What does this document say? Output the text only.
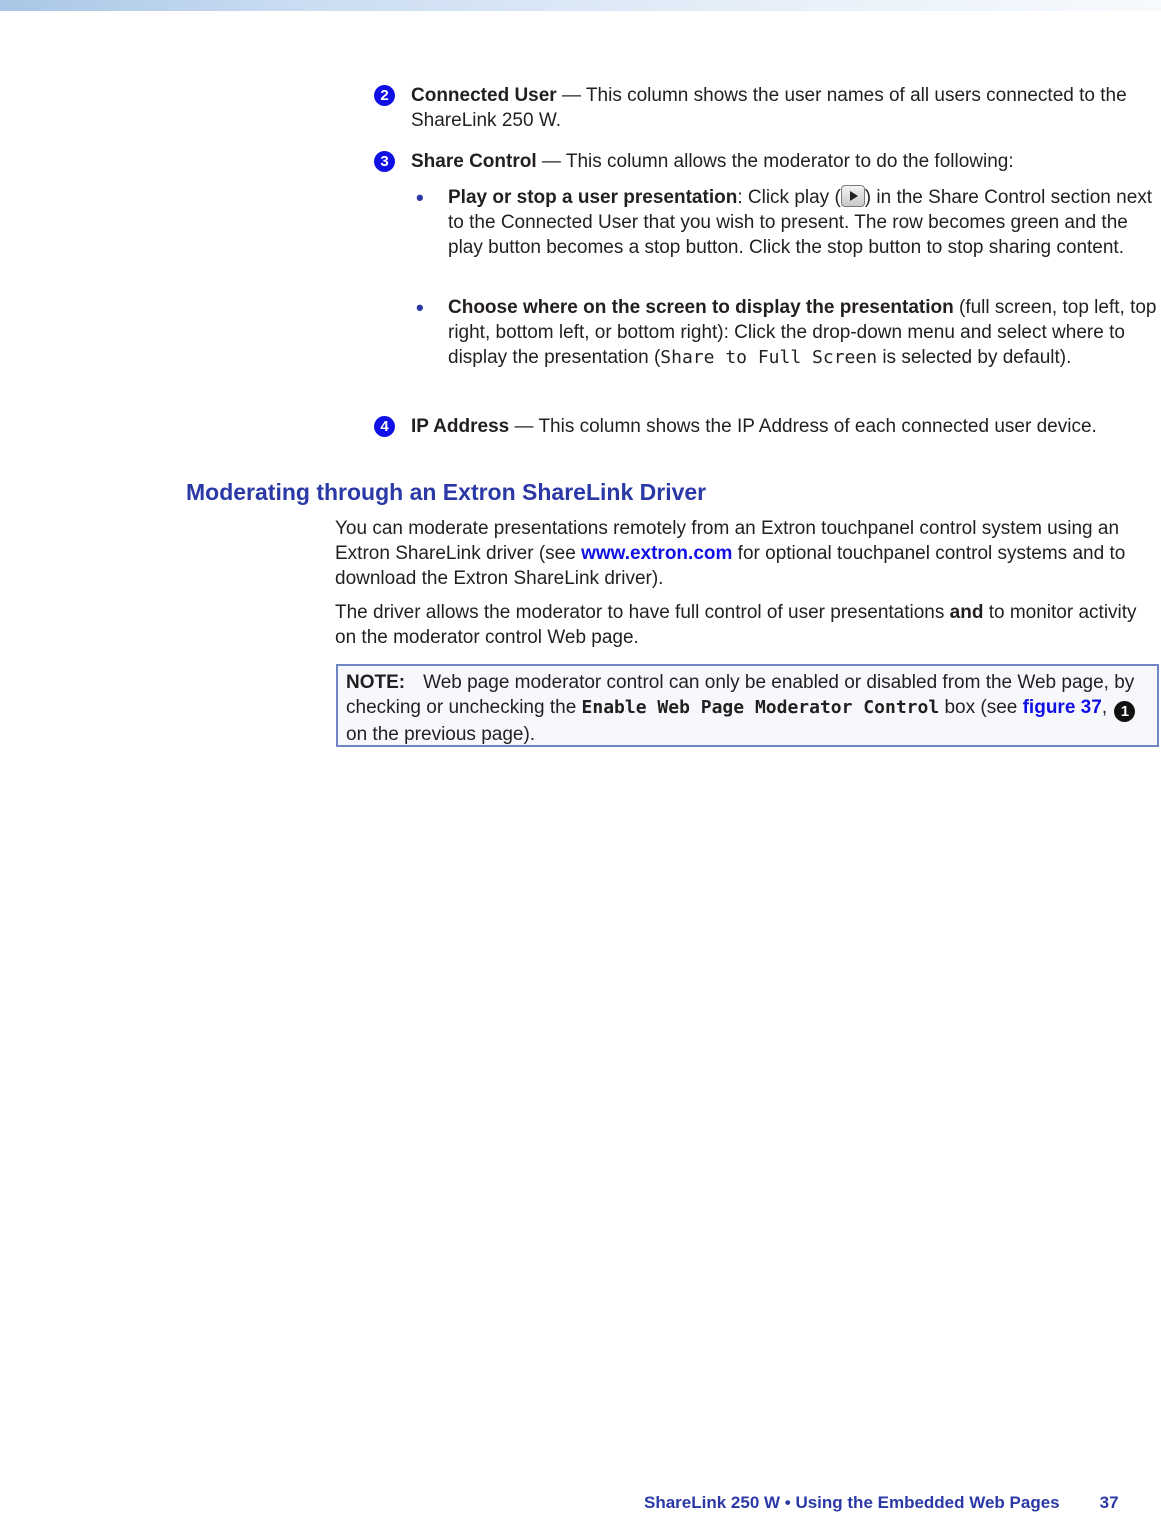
2	Connected User — This column shows the user names of all users connected to the ShareLink 250 W.

3	Share Control — This column allows the moderator to do the following:

• Play or stop a user presentation: Click play ( ) in the Share Control section next to the Connected User that you wish to present. The row becomes green and the play button becomes a stop button. Click the stop button to stop sharing content.

• Choose where on the screen to display the presentation (full screen, top left, top right, bottom left, or bottom right): Click the drop-down menu and select where to display the presentation (Share to Full Screen is selected by default).

4	IP Address — This column shows the IP Address of each connected user device.

Moderating through an Extron ShareLink Driver

You can moderate presentations remotely from an Extron touchpanel control system using an Extron ShareLink driver (see www.extron.com for optional touchpanel control systems and to download the Extron ShareLink driver).

The driver allows the moderator to have full control of user presentations and to monitor activity on the moderator control Web page.

NOTE: Web page moderator control can only be enabled or disabled from the Web page, by checking or unchecking the Enable Web Page Moderator Control box (see figure 37, 1 on the previous page).

ShareLink 250 W • Using the Embedded Web Pages 37
